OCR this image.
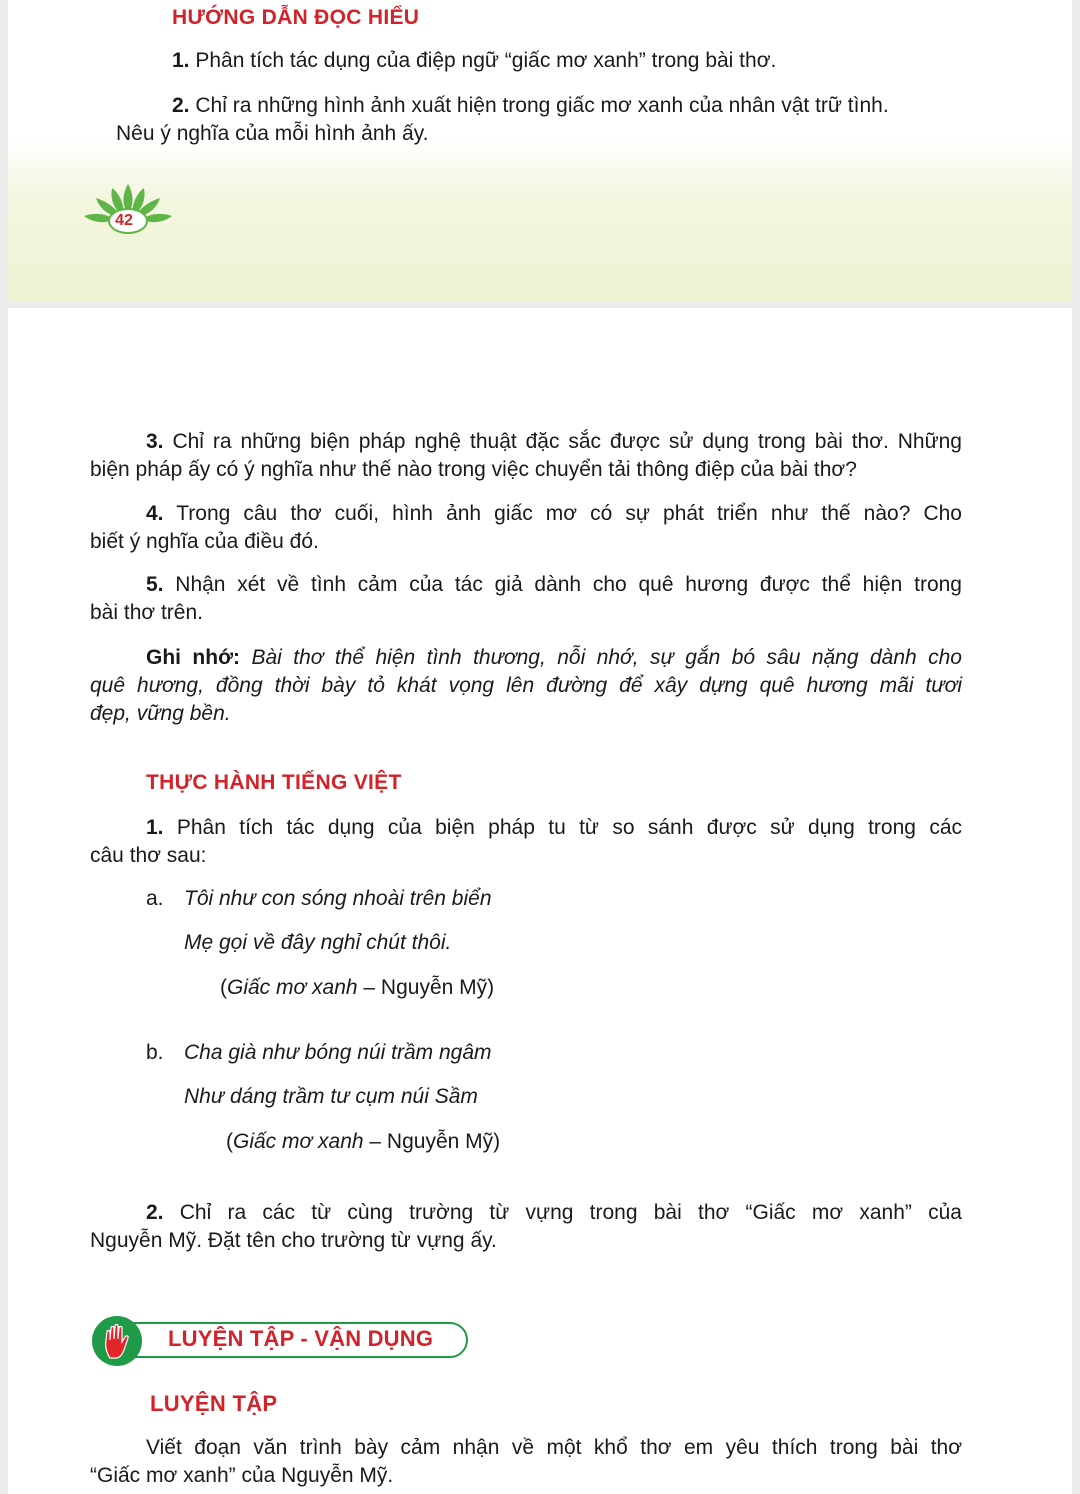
HƯỚNG DẪN ĐỌC HIỂU
1. Phân tích tác dụng của điệp ngữ “giấc mơ xanh” trong bài thơ.
2. Chỉ ra những hình ảnh xuất hiện trong giấc mơ xanh của nhân vật trữ tình.
Nêu ý nghĩa của mỗi hình ảnh ấy.
42
3. Chỉ ra những biện pháp nghệ thuật đặc sắc được sử dụng trong bài thơ. Những
biện pháp ấy có ý nghĩa như thế nào trong việc chuyển tải thông điệp của bài thơ?
4. Trong câu thơ cuối, hình ảnh giấc mơ có sự phát triển như thế nào? Cho
biết ý nghĩa của điều đó.
5. Nhận xét về tình cảm của tác giả dành cho quê hương được thể hiện trong
bài thơ trên.
Ghi nhớ: Bài thơ thể hiện tình thương, nỗi nhớ, sự gắn bó sâu nặng dành cho
quê hương, đồng thời bày tỏ khát vọng lên đường để xây dựng quê hương mãi tươi
đẹp, vững bền.
THỰC HÀNH TIẾNG VIỆT
1. Phân tích tác dụng của biện pháp tu từ so sánh được sử dụng trong các
câu thơ sau:
a. Tôi như con sóng nhoài trên biển
Mẹ gọi về đây nghỉ chút thôi.
(Giấc mơ xanh – Nguyễn Mỹ)
b. Cha già như bóng núi trầm ngâm
Như dáng trầm tư cụm núi Sầm
(Giấc mơ xanh – Nguyễn Mỹ)
2. Chỉ ra các từ cùng trường từ vựng trong bài thơ “Giấc mơ xanh” của
Nguyễn Mỹ. Đặt tên cho trường từ vựng ấy.
LUYỆN TẬP - VẬN DỤNG
LUYỆN TẬP
Viết đoạn văn trình bày cảm nhận về một khổ thơ em yêu thích trong bài thơ
“Giấc mơ xanh” của Nguyễn Mỹ.
